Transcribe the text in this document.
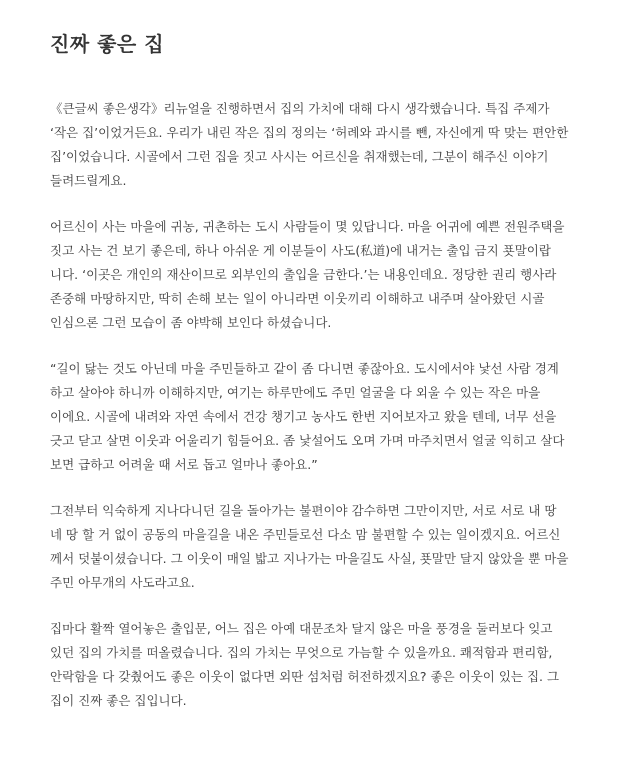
진짜 좋은 집

《큰글씨 좋은생각》리뉴얼을 진행하면서 집의 가치에 대해 다시 생각했습니다. 특집 주제가
‘작은 집’이었거든요. 우리가 내린 작은 집의 정의는 ‘허례와 과시를 뺀, 자신에게 딱 맞는 편안한
집’이었습니다. 시골에서 그런 집을 짓고 사시는 어르신을 취재했는데, 그분이 해주신 이야기
들려드릴게요.

어르신이 사는 마을에 귀농, 귀촌하는 도시 사람들이 몇 있답니다. 마을 어귀에 예쁜 전원주택을
짓고 사는 건 보기 좋은데, 하나 아쉬운 게 이분들이 사도(私道)에 내거는 출입 금지 푯말이랍
니다. ‘이곳은 개인의 재산이므로 외부인의 출입을 금한다.’는 내용인데요. 정당한 권리 행사라
존중해 마땅하지만, 딱히 손해 보는 일이 아니라면 이웃끼리 이해하고 내주며 살아왔던 시골
인심으론 그런 모습이 좀 야박해 보인다 하셨습니다.

“길이 닳는 것도 아닌데 마을 주민들하고 같이 좀 다니면 좋잖아요. 도시에서야 낯선 사람 경계
하고 살아야 하니까 이해하지만, 여기는 하루만에도 주민 얼굴을 다 외울 수 있는 작은 마을
이에요. 시골에 내려와 자연 속에서 건강 챙기고 농사도 한번 지어보자고 왔을 텐데, 너무 선을
긋고 닫고 살면 이웃과 어울리기 힘들어요. 좀 낯설어도 오며 가며 마주치면서 얼굴 익히고 살다
보면 급하고 어려울 때 서로 돕고 얼마나 좋아요.”

그전부터 익숙하게 지나다니던 길을 돌아가는 불편이야 감수하면 그만이지만, 서로 서로 내 땅
네 땅 할 거 없이 공동의 마을길을 내온 주민들로선 다소 맘 불편할 수 있는 일이겠지요. 어르신
께서 덧붙이셨습니다. 그 이웃이 매일 밟고 지나가는 마을길도 사실, 푯말만 달지 않았을 뿐 마을
주민 아무개의 사도라고요.

집마다 활짝 열어놓은 출입문, 어느 집은 아예 대문조차 달지 않은 마을 풍경을 둘러보다 잊고
있던 집의 가치를 떠올렸습니다. 집의 가치는 무엇으로 가늠할 수 있을까요. 쾌적함과 편리함,
안락함을 다 갖췄어도 좋은 이웃이 없다면 외딴 섬처럼 허전하겠지요? 좋은 이웃이 있는 집. 그
집이 진짜 좋은 집입니다.
